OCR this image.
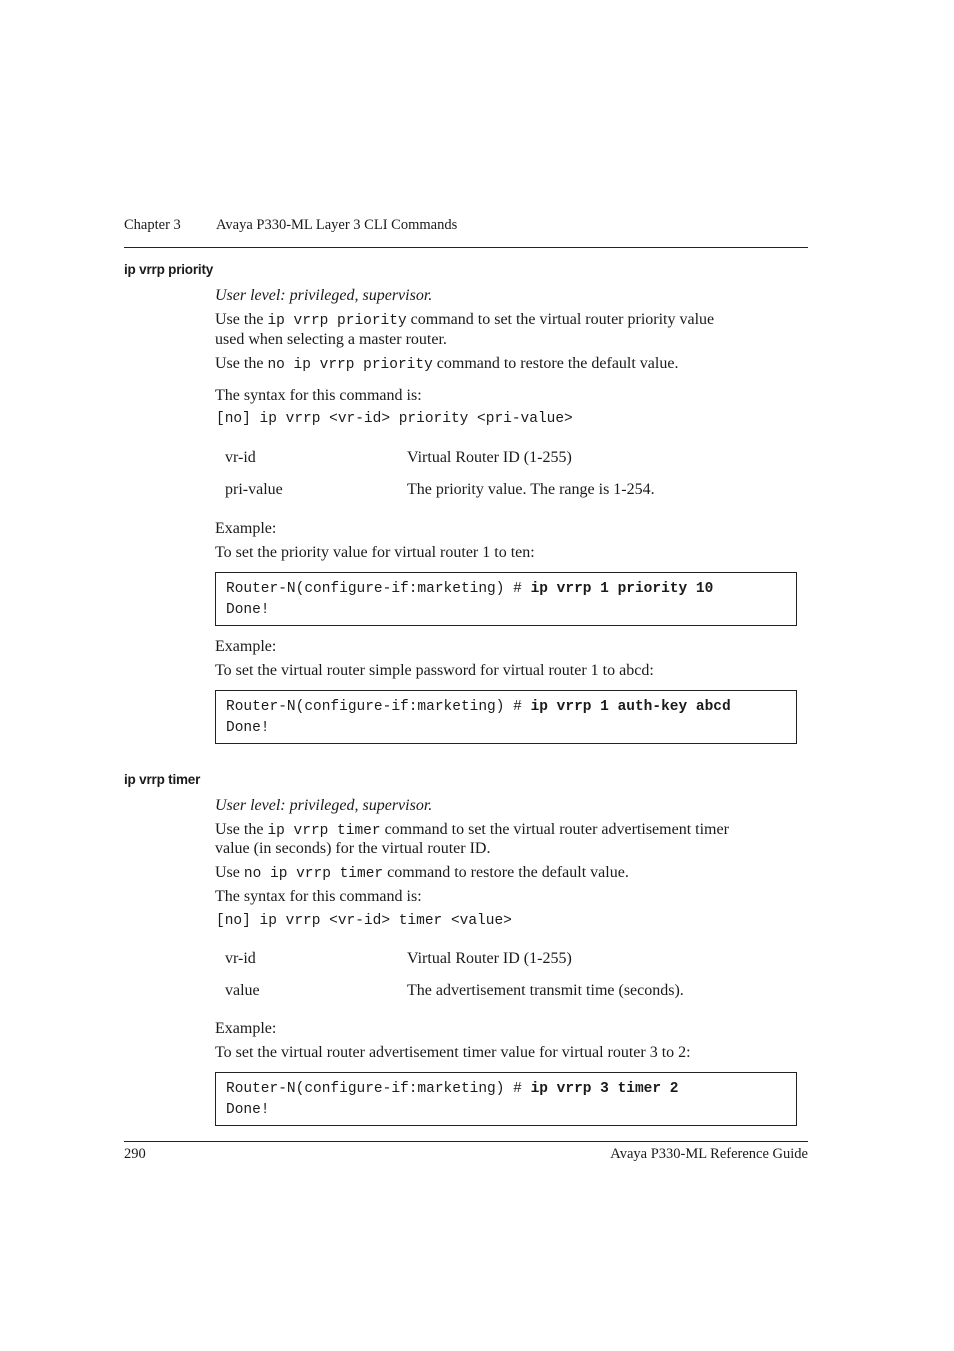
Chapter 3 Avaya P330-ML Layer 3 CLI Commands
ip vrrp priority
User level: privileged, supervisor.
Use the ip vrrp priority command to set the virtual router priority value
used when selecting a master router.
Use the no ip vrrp priority command to restore the default value.
The syntax for this command is:
[no] ip vrrp <vr-id> priority <pri-value>
vr-id	Virtual Router ID (1-255)
pri-value	The priority value. The range is 1-254.
Example:
To set the priority value for virtual router 1 to ten:
Router-N(configure-if:marketing) # ip vrrp 1 priority 10
Done!
Example:
To set the virtual router simple password for virtual router 1 to abcd:
Router-N(configure-if:marketing) # ip vrrp 1 auth-key abcd
Done!
ip vrrp timer
User level: privileged, supervisor.
Use the ip vrrp timer command to set the virtual router advertisement timer
value (in seconds) for the virtual router ID.
Use no ip vrrp timer command to restore the default value.
The syntax for this command is:
[no] ip vrrp <vr-id> timer <value>
vr-id	Virtual Router ID (1-255)
value	The advertisement transmit time (seconds).
Example:
To set the virtual router advertisement timer value for virtual router 3 to 2:
Router-N(configure-if:marketing) # ip vrrp 3 timer 2
Done!
290	Avaya P330-ML Reference Guide
